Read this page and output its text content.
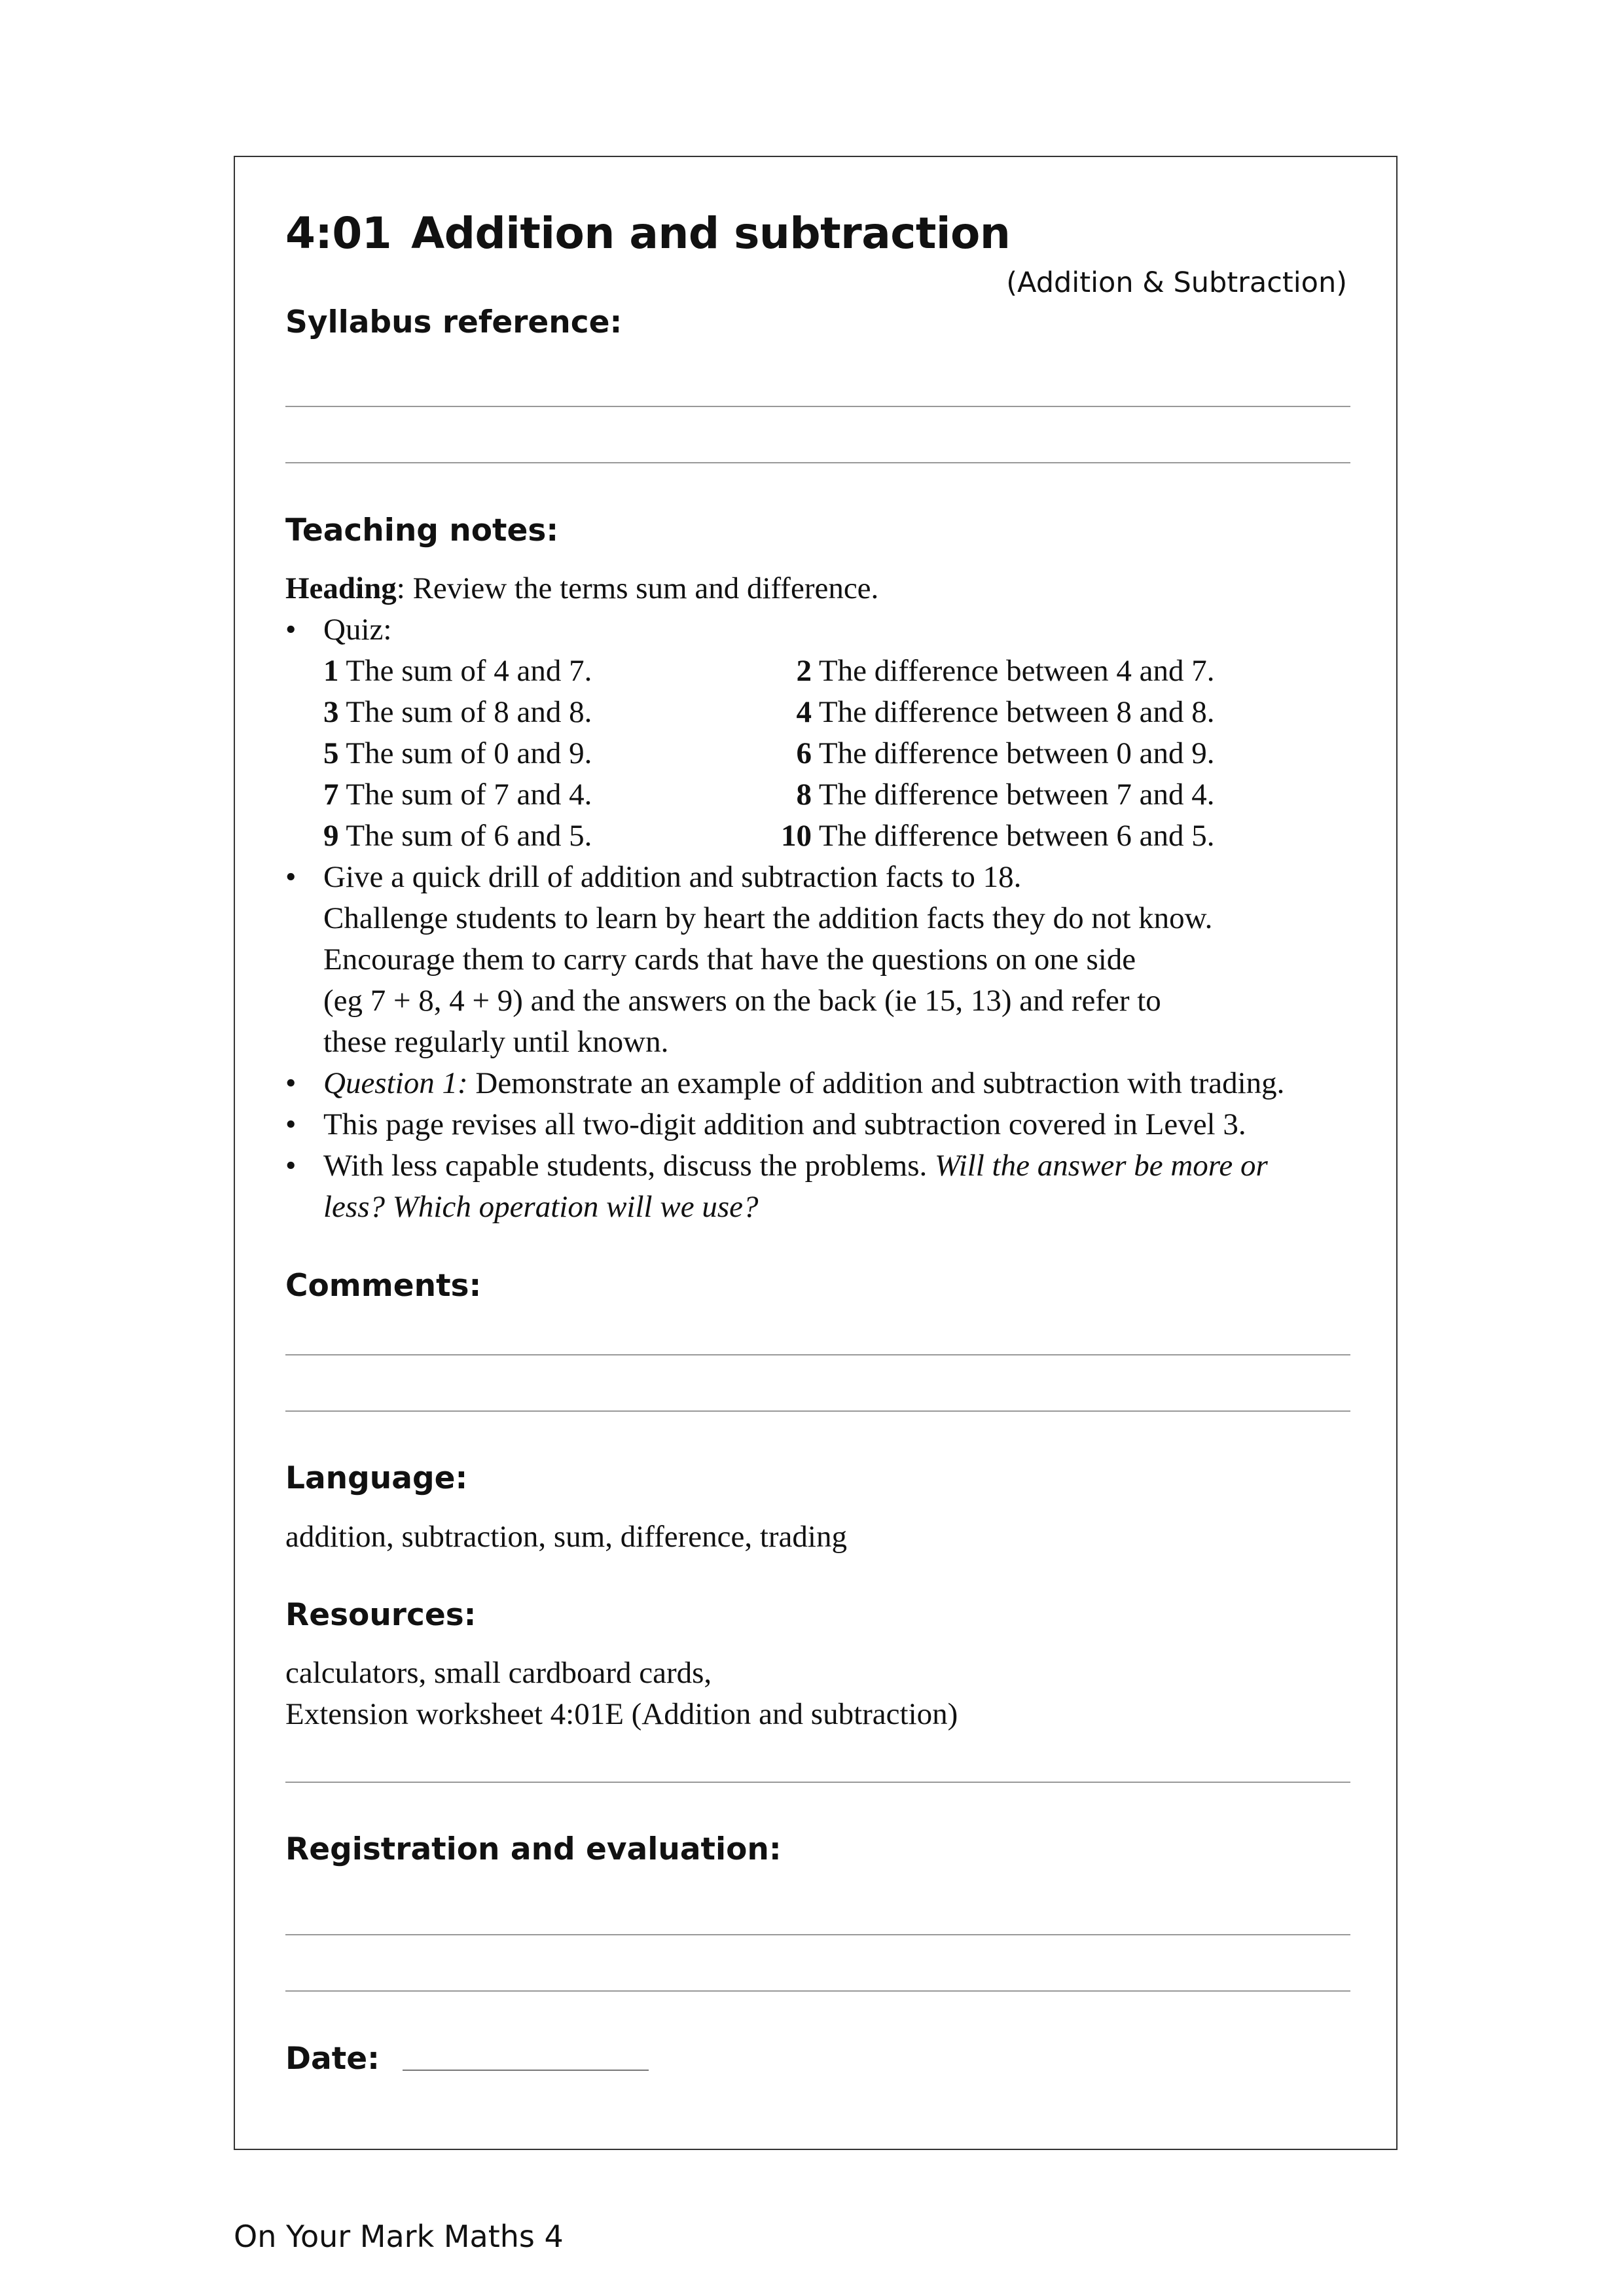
4:01 Addition and subtraction
(Addition & Subtraction)
Syllabus reference:
Teaching notes:
Heading: Review the terms sum and difference.
• Quiz:
1 The sum of 4 and 7.
3 The sum of 8 and 8.
5 The sum of 0 and 9.
7 The sum of 7 and 4.
9 The sum of 6 and 5.
2 The difference between 4 and 7.
4 The difference between 8 and 8.
6 The difference between 0 and 9.
8 The difference between 7 and 4.
10 The difference between 6 and 5.
• Give a quick drill of addition and subtraction facts to 18.
Challenge students to learn by heart the addition facts they do not know.
Encourage them to carry cards that have the questions on one side
(eg 7 + 8, 4 + 9) and the answers on the back (ie 15, 13) and refer to
these regularly until known.
• Question 1: Demonstrate an example of addition and subtraction with trading.
• This page revises all two-digit addition and subtraction covered in Level 3.
• With less capable students, discuss the problems. Will the answer be more or
less? Which operation will we use?
Comments:
Language:
addition, subtraction, sum, difference, trading
Resources:
calculators, small cardboard cards,
Extension worksheet 4:01E (Addition and subtraction)
Registration and evaluation:
Date:
On Your Mark Maths 4
